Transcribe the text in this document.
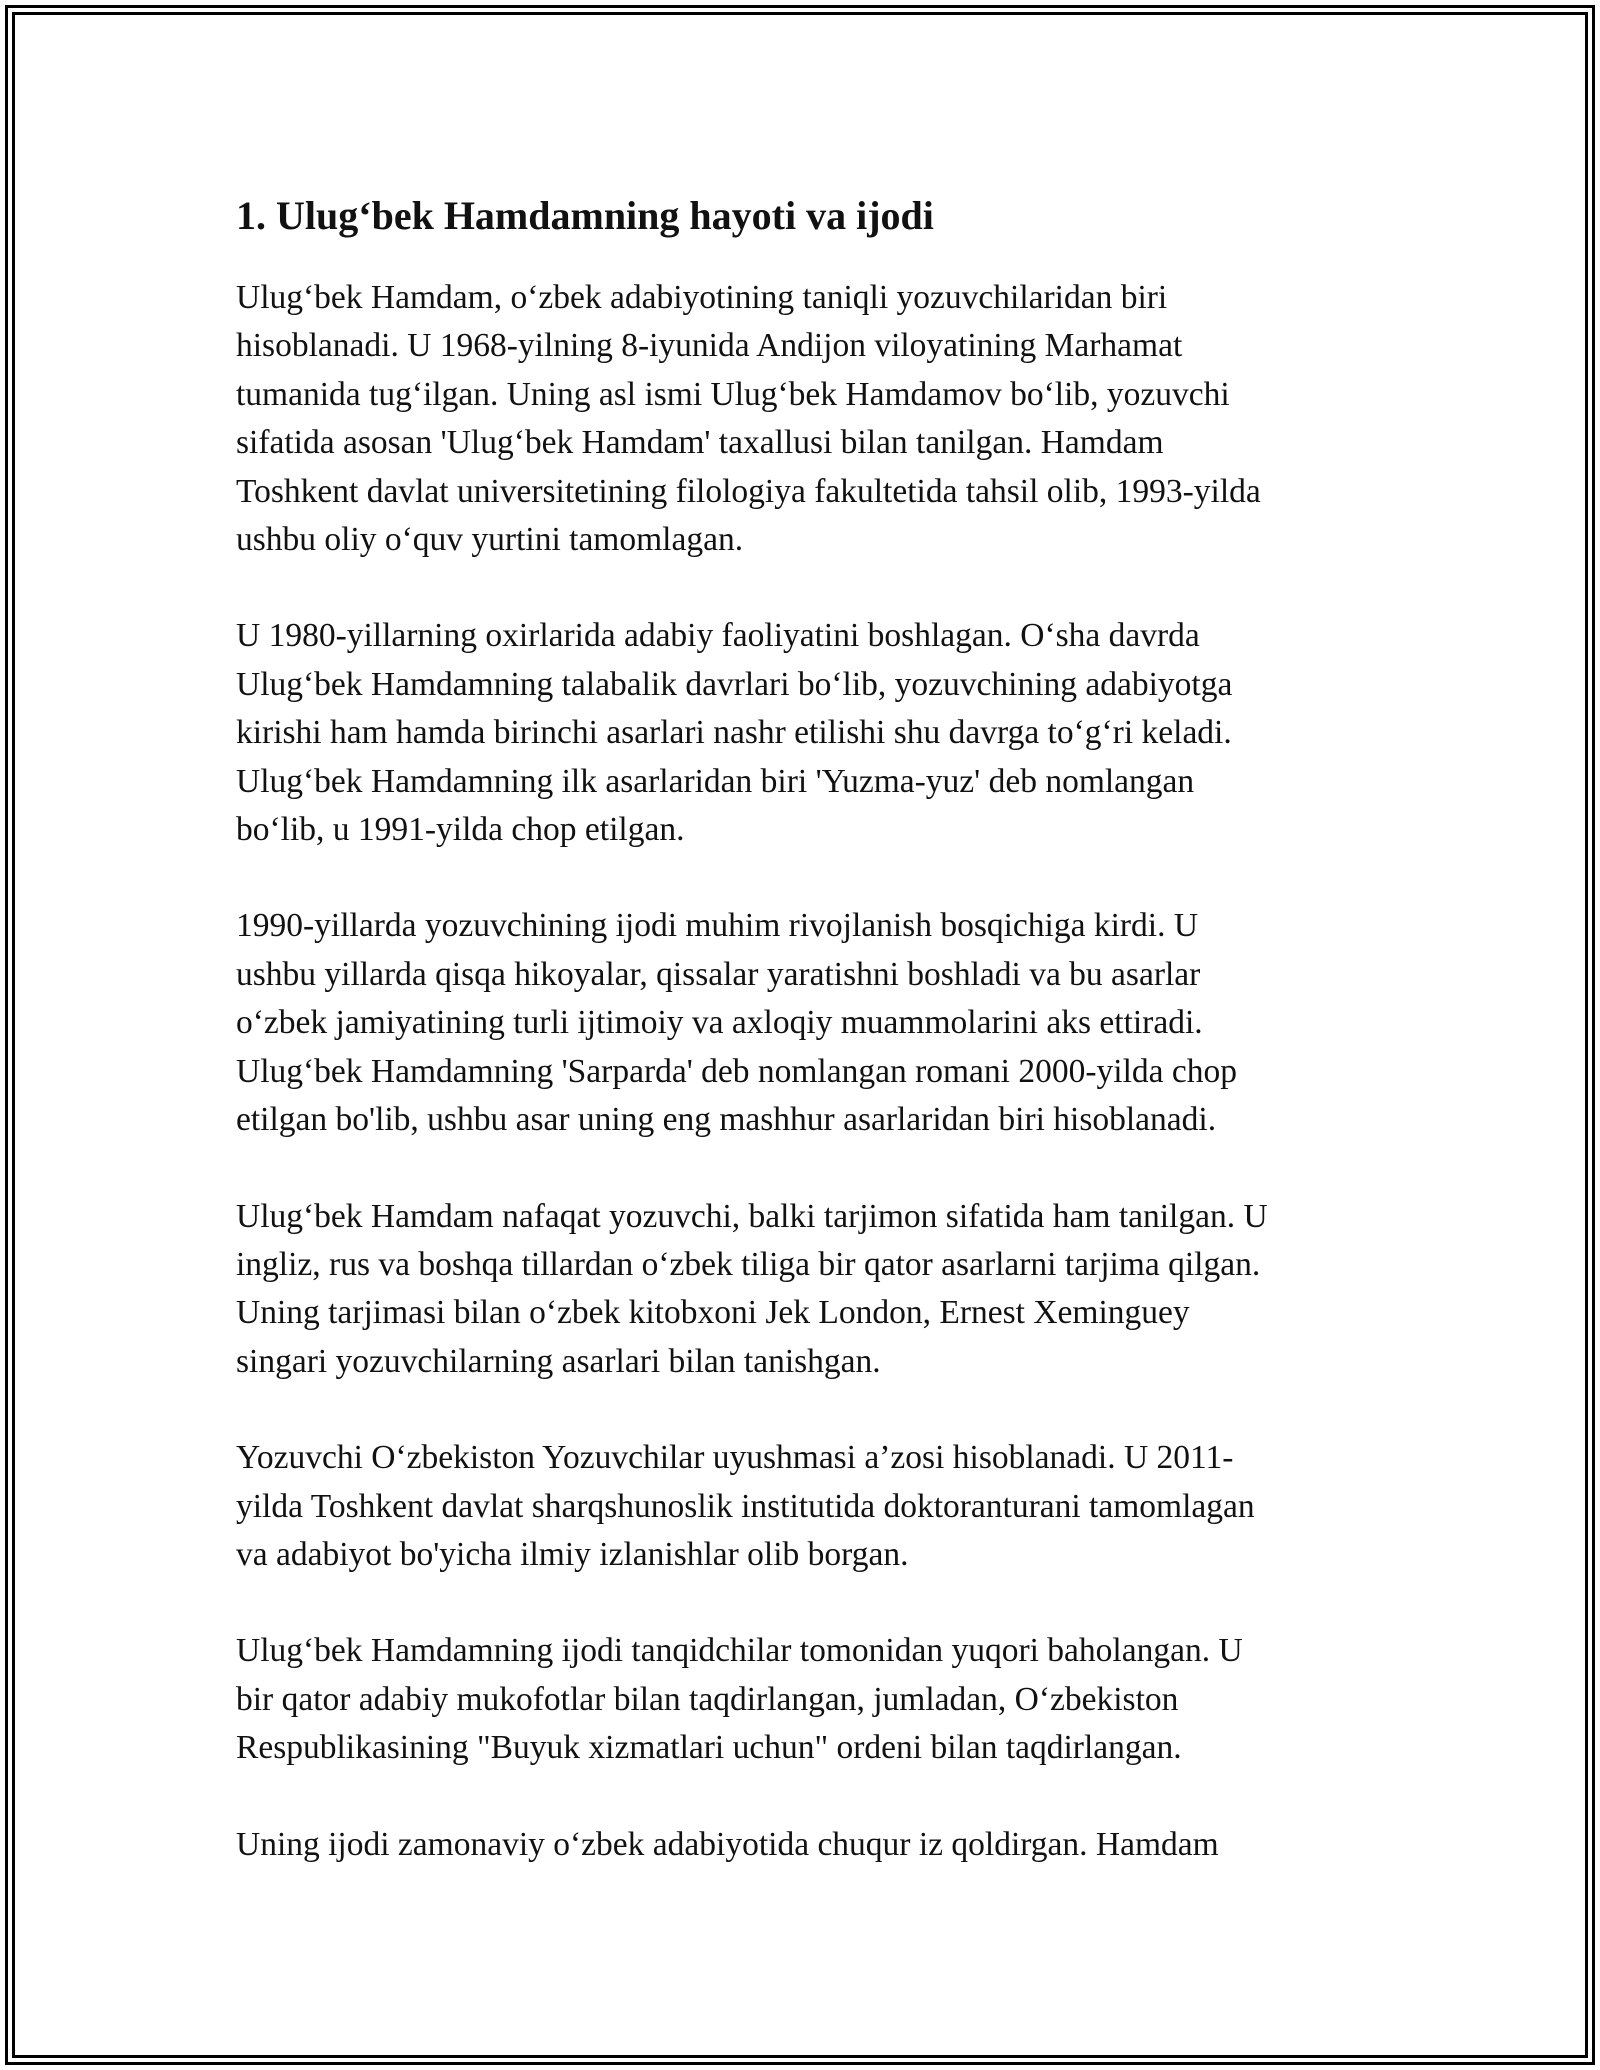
1. Ulug‘bek Hamdamning hayoti va ijodi

Ulug‘bek Hamdam, o‘zbek adabiyotining taniqli yozuvchilaridan biri
hisoblanadi. U 1968-yilning 8-iyunida Andijon viloyatining Marhamat
tumanida tug‘ilgan. Uning asl ismi Ulug‘bek Hamdamov bo‘lib, yozuvchi
sifatida asosan 'Ulug‘bek Hamdam' taxallusi bilan tanilgan. Hamdam
Toshkent davlat universitetining filologiya fakultetida tahsil olib, 1993-yilda
ushbu oliy o‘quv yurtini tamomlagan.

U 1980-yillarning oxirlarida adabiy faoliyatini boshlagan. O‘sha davrda
Ulug‘bek Hamdamning talabalik davrlari bo‘lib, yozuvchining adabiyotga
kirishi ham hamda birinchi asarlari nashr etilishi shu davrga to‘g‘ri keladi.
Ulug‘bek Hamdamning ilk asarlaridan biri 'Yuzma-yuz' deb nomlangan
bo‘lib, u 1991-yilda chop etilgan.

1990-yillarda yozuvchining ijodi muhim rivojlanish bosqichiga kirdi. U
ushbu yillarda qisqa hikoyalar, qissalar yaratishni boshladi va bu asarlar
o‘zbek jamiyatining turli ijtimoiy va axloqiy muammolarini aks ettiradi.
Ulug‘bek Hamdamning 'Sarparda' deb nomlangan romani 2000-yilda chop
etilgan bo'lib, ushbu asar uning eng mashhur asarlaridan biri hisoblanadi.

Ulug‘bek Hamdam nafaqat yozuvchi, balki tarjimon sifatida ham tanilgan. U
ingliz, rus va boshqa tillardan o‘zbek tiliga bir qator asarlarni tarjima qilgan.
Uning tarjimasi bilan o‘zbek kitobxoni Jek London, Ernest Xeminguey
singari yozuvchilarning asarlari bilan tanishgan.

Yozuvchi O‘zbekiston Yozuvchilar uyushmasi a’zosi hisoblanadi. U 2011-
yilda Toshkent davlat sharqshunoslik institutida doktoranturani tamomlagan
va adabiyot bo'yicha ilmiy izlanishlar olib borgan.

Ulug‘bek Hamdamning ijodi tanqidchilar tomonidan yuqori baholangan. U
bir qator adabiy mukofotlar bilan taqdirlangan, jumladan, O‘zbekiston
Respublikasining "Buyuk xizmatlari uchun" ordeni bilan taqdirlangan.

Uning ijodi zamonaviy o‘zbek adabiyotida chuqur iz qoldirgan. Hamdam
